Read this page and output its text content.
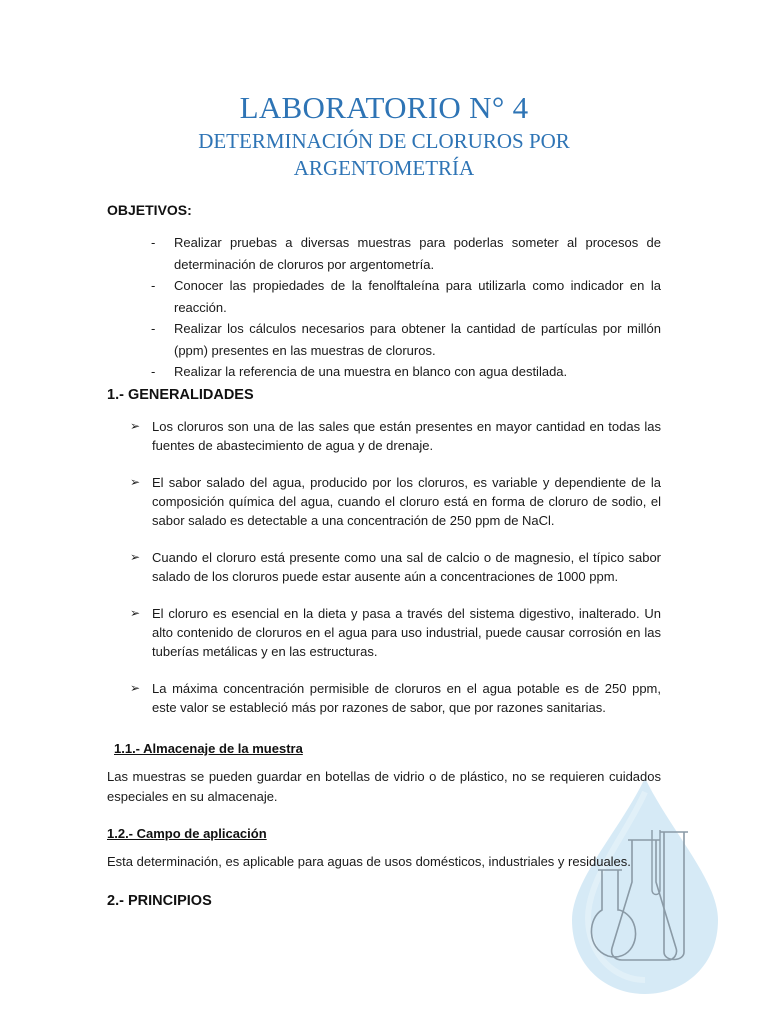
LABORATORIO N° 4
DETERMINACIÓN DE CLORUROS POR
ARGENTOMETRÍA
OBJETIVOS:
- Realizar pruebas a diversas muestras para poderlas someter al procesos de determinación de cloruros por argentometría.
- Conocer las propiedades de la fenolftaleína para utilizarla como indicador en la reacción.
- Realizar los cálculos necesarios para obtener la cantidad de partículas por millón (ppm) presentes en las muestras de cloruros.
- Realizar la referencia de una muestra en blanco con agua destilada.
1.- GENERALIDADES
➢ Los cloruros son una de las sales que están presentes en mayor cantidad en todas las fuentes de abastecimiento de agua y de drenaje.
➢ El sabor salado del agua, producido por los cloruros, es variable y dependiente de la composición química del agua, cuando el cloruro está en forma de cloruro de sodio, el sabor salado es detectable a una concentración de 250 ppm de NaCl.
➢ Cuando el cloruro está presente como una sal de calcio o de magnesio, el típico sabor salado de los cloruros puede estar ausente aún a concentraciones de 1000 ppm.
➢ El cloruro es esencial en la dieta y pasa a través del sistema digestivo, inalterado. Un alto contenido de cloruros en el agua para uso industrial, puede causar corrosión en las tuberías metálicas y en las estructuras.
➢ La máxima concentración permisible de cloruros en el agua potable es de 250 ppm, este valor se estableció más por razones de sabor, que por razones sanitarias.
1.1.- Almacenaje de la muestra
Las muestras se pueden guardar en botellas de vidrio o de plástico, no se requieren cuidados especiales en su almacenaje.
1.2.- Campo de aplicación
Esta determinación, es aplicable para aguas de usos domésticos, industriales y residuales.
2.- PRINCIPIOS
